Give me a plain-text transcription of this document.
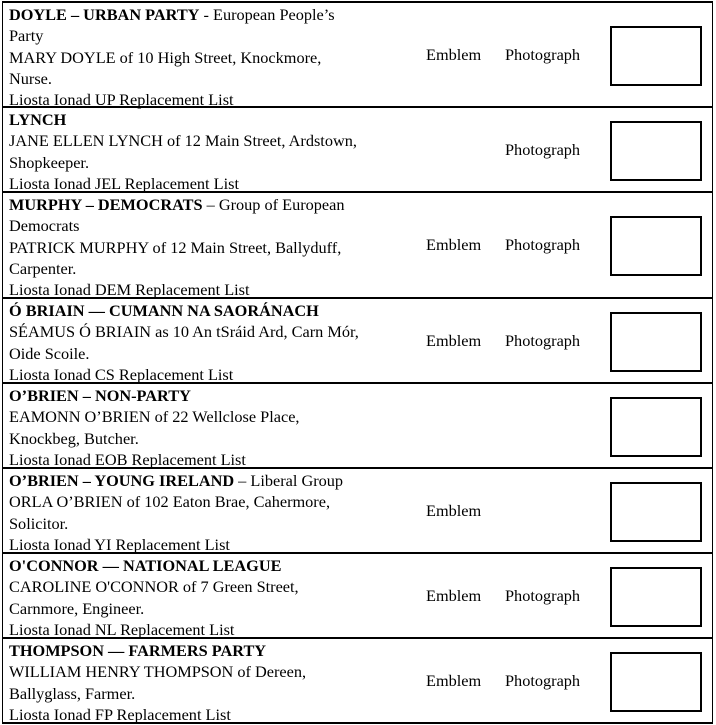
DOYLE – URBAN PARTY - European People’s
Party
MARY DOYLE of 10 High Street, Knockmore,
Nurse.
Liosta Ionad UP Replacement List
Emblem Photograph
LYNCH
JANE ELLEN LYNCH of 12 Main Street, Ardstown,
Shopkeeper.
Liosta Ionad JEL Replacement List
Photograph
MURPHY – DEMOCRATS – Group of European
Democrats
PATRICK MURPHY of 12 Main Street, Ballyduff,
Carpenter.
Liosta Ionad DEM Replacement List
Emblem Photograph
Ó BRIAIN — CUMANN NA SAORÁNACH
SÉAMUS Ó BRIAIN as 10 An tSráid Ard, Carn Mór,
Oide Scoile.
Liosta Ionad CS Replacement List
Emblem Photograph
O’BRIEN – NON-PARTY
EAMONN O’BRIEN of 22 Wellclose Place,
Knockbeg, Butcher.
Liosta Ionad EOB Replacement List
O’BRIEN – YOUNG IRELAND – Liberal Group
ORLA O’BRIEN of 102 Eaton Brae, Cahermore,
Solicitor.
Liosta Ionad YI Replacement List
Emblem
O'CONNOR — NATIONAL LEAGUE
CAROLINE O'CONNOR of 7 Green Street,
Carnmore, Engineer.
Liosta Ionad NL Replacement List
Emblem Photograph
THOMPSON — FARMERS PARTY
WILLIAM HENRY THOMPSON of Dereen,
Ballyglass, Farmer.
Liosta Ionad FP Replacement List
Emblem Photograph
